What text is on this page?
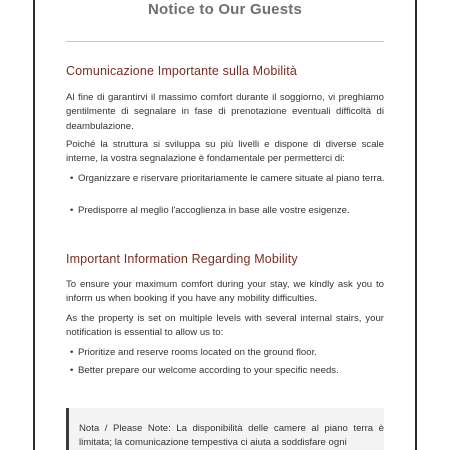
Notice to Our Guests
Comunicazione Importante sulla Mobilità

Al fine di garantirvi il massimo comfort durante il soggiorno, vi preghiamo gentilmente di segnalare in fase di prenotazione eventuali difficoltà di deambulazione.

Poiché la struttura si sviluppa su più livelli e dispone di diverse scale interne, la vostra segnalazione è fondamentale per permetterci di:

• Organizzare e riservare prioritariamente le camere situate al piano terra.

• Predisporre al meglio l'accoglienza in base alle vostre esigenze.

Important Information Regarding Mobility

To ensure your maximum comfort during your stay, we kindly ask you to inform us when booking if you have any mobility difficulties.

As the property is set on multiple levels with several internal stairs, your notification is essential to allow us to:

• Prioritize and reserve rooms located on the ground floor.

• Better prepare our welcome according to your specific needs.

Nota / Please Note: La disponibilità delle camere al piano terra è limitata; la comunicazione tempestiva ci aiuta a soddisfare ogni
